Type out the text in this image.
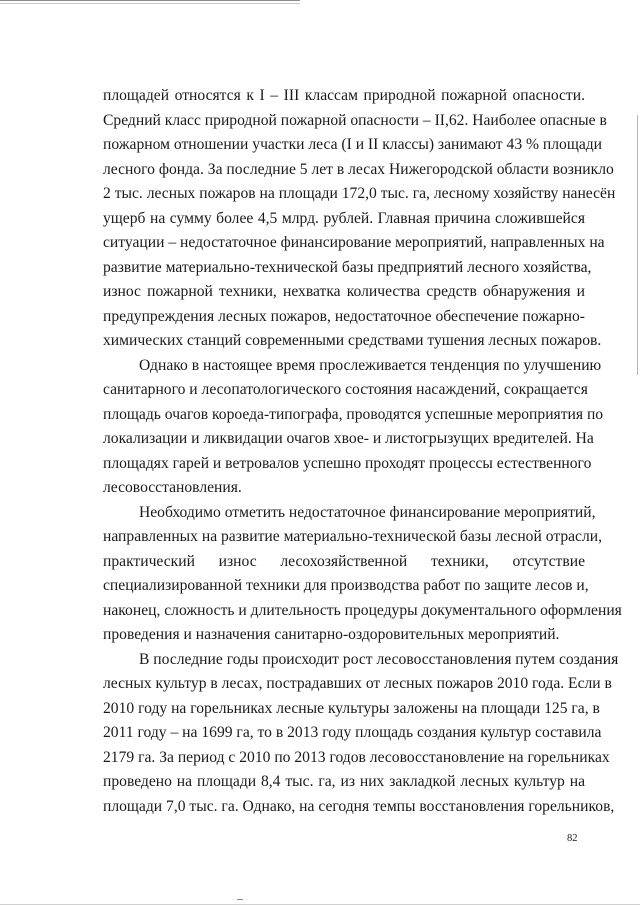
площадей относятся к I – III классам природной пожарной опасности.
Средний класс природной пожарной опасности – II,62. Наиболее опасные в
пожарном отношении участки леса (I и II классы) занимают 43 % площади
лесного фонда. За последние 5 лет в лесах Нижегородской области возникло
2 тыс. лесных пожаров на площади 172,0 тыс. га, лесному хозяйству нанесён
ущерб на сумму более 4,5 млрд. рублей. Главная причина сложившейся
ситуации – недостаточное финансирование мероприятий, направленных на
развитие материально-технической базы предприятий лесного хозяйства,
износ пожарной техники, нехватка количества средств обнаружения и
предупреждения лесных пожаров, недостаточное обеспечение пожарно-
химических станций современными средствами тушения лесных пожаров.
Однако в настоящее время прослеживается тенденция по улучшению
санитарного и лесопатологического состояния насаждений, сокращается
площадь очагов короеда-типографа, проводятся успешные мероприятия по
локализации и ликвидации очагов хвое- и листогрызущих вредителей. На
площадях гарей и ветровалов успешно проходят процессы естественного
лесовосстановления.
Необходимо отметить недостаточное финансирование мероприятий,
направленных на развитие материально-технической базы лесной отрасли,
практический износ лесохозяйственной техники, отсутствие
специализированной техники для производства работ по защите лесов и,
наконец, сложность и длительность процедуры документального оформления
проведения и назначения санитарно-оздоровительных мероприятий.
В последние годы происходит рост лесовосстановления путем создания
лесных культур в лесах, пострадавших от лесных пожаров 2010 года. Если в
2010 году на горельниках лесные культуры заложены на площади 125 га, в
2011 году – на 1699 га, то в 2013 году площадь создания культур составила
2179 га. За период с 2010 по 2013 годов лесовосстановление на горельниках
проведено на площади 8,4 тыс. га, из них закладкой лесных культур на
площади 7,0 тыс. га. Однако, на сегодня темпы восстановления горельников,
82
